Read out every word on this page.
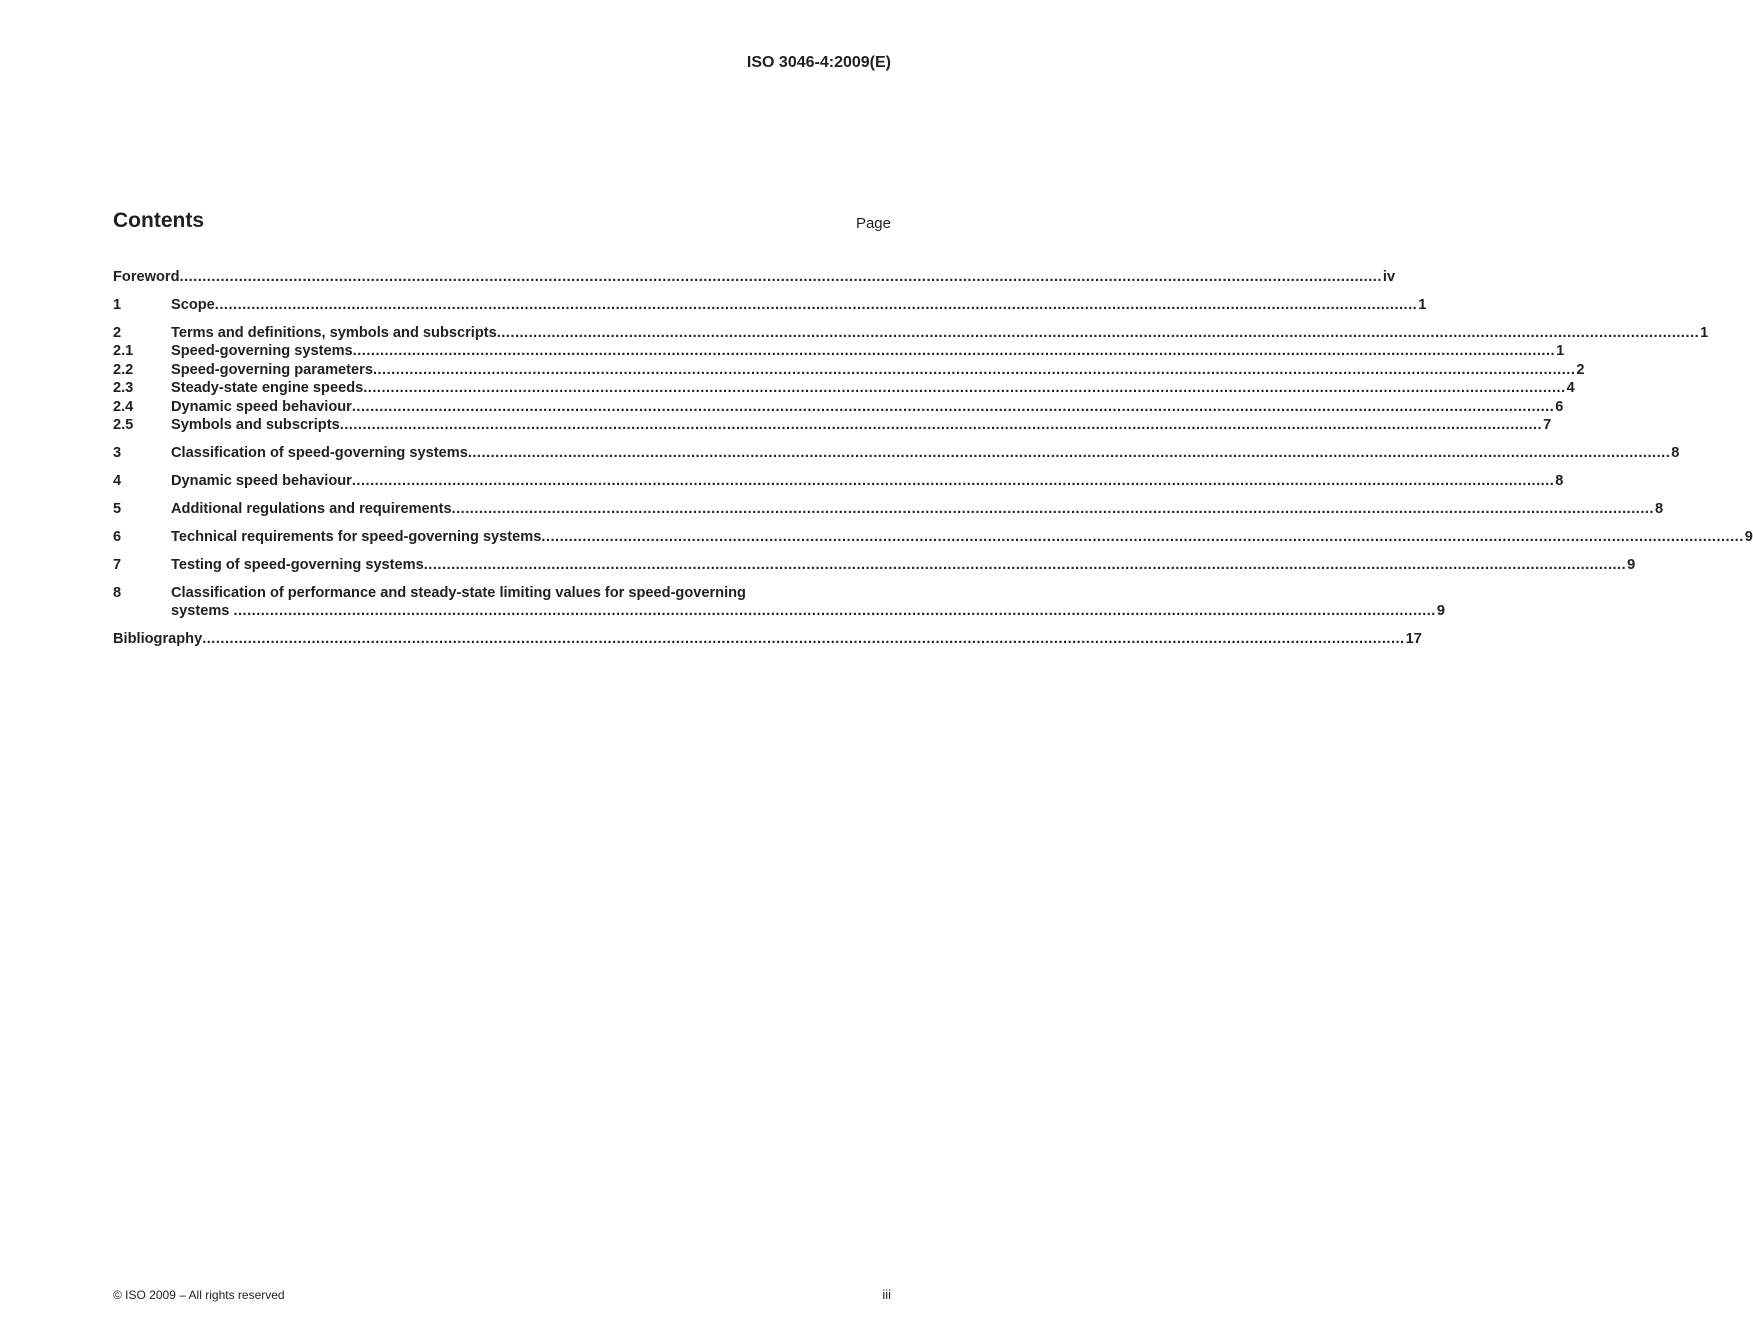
ISO 3046-4:2009(E)
Contents	Page
Foreword .....	iv
1	Scope .....	1
2	Terms and definitions, symbols and subscripts .....	1
2.1	Speed-governing systems .....	1
2.2	Speed-governing parameters .....	2
2.3	Steady-state engine speeds .....	4
2.4	Dynamic speed behaviour .....	6
2.5	Symbols and subscripts .....	7
3	Classification of speed-governing systems .....	8
4	Dynamic speed behaviour .....	8
5	Additional regulations and requirements .....	8
6	Technical requirements for speed-governing systems .....	9
7	Testing of speed-governing systems .....	9
8	Classification of performance and steady-state limiting values for speed-governing
systems .....	9
Bibliography .....	17
© ISO 2009 – All rights reserved	iii
